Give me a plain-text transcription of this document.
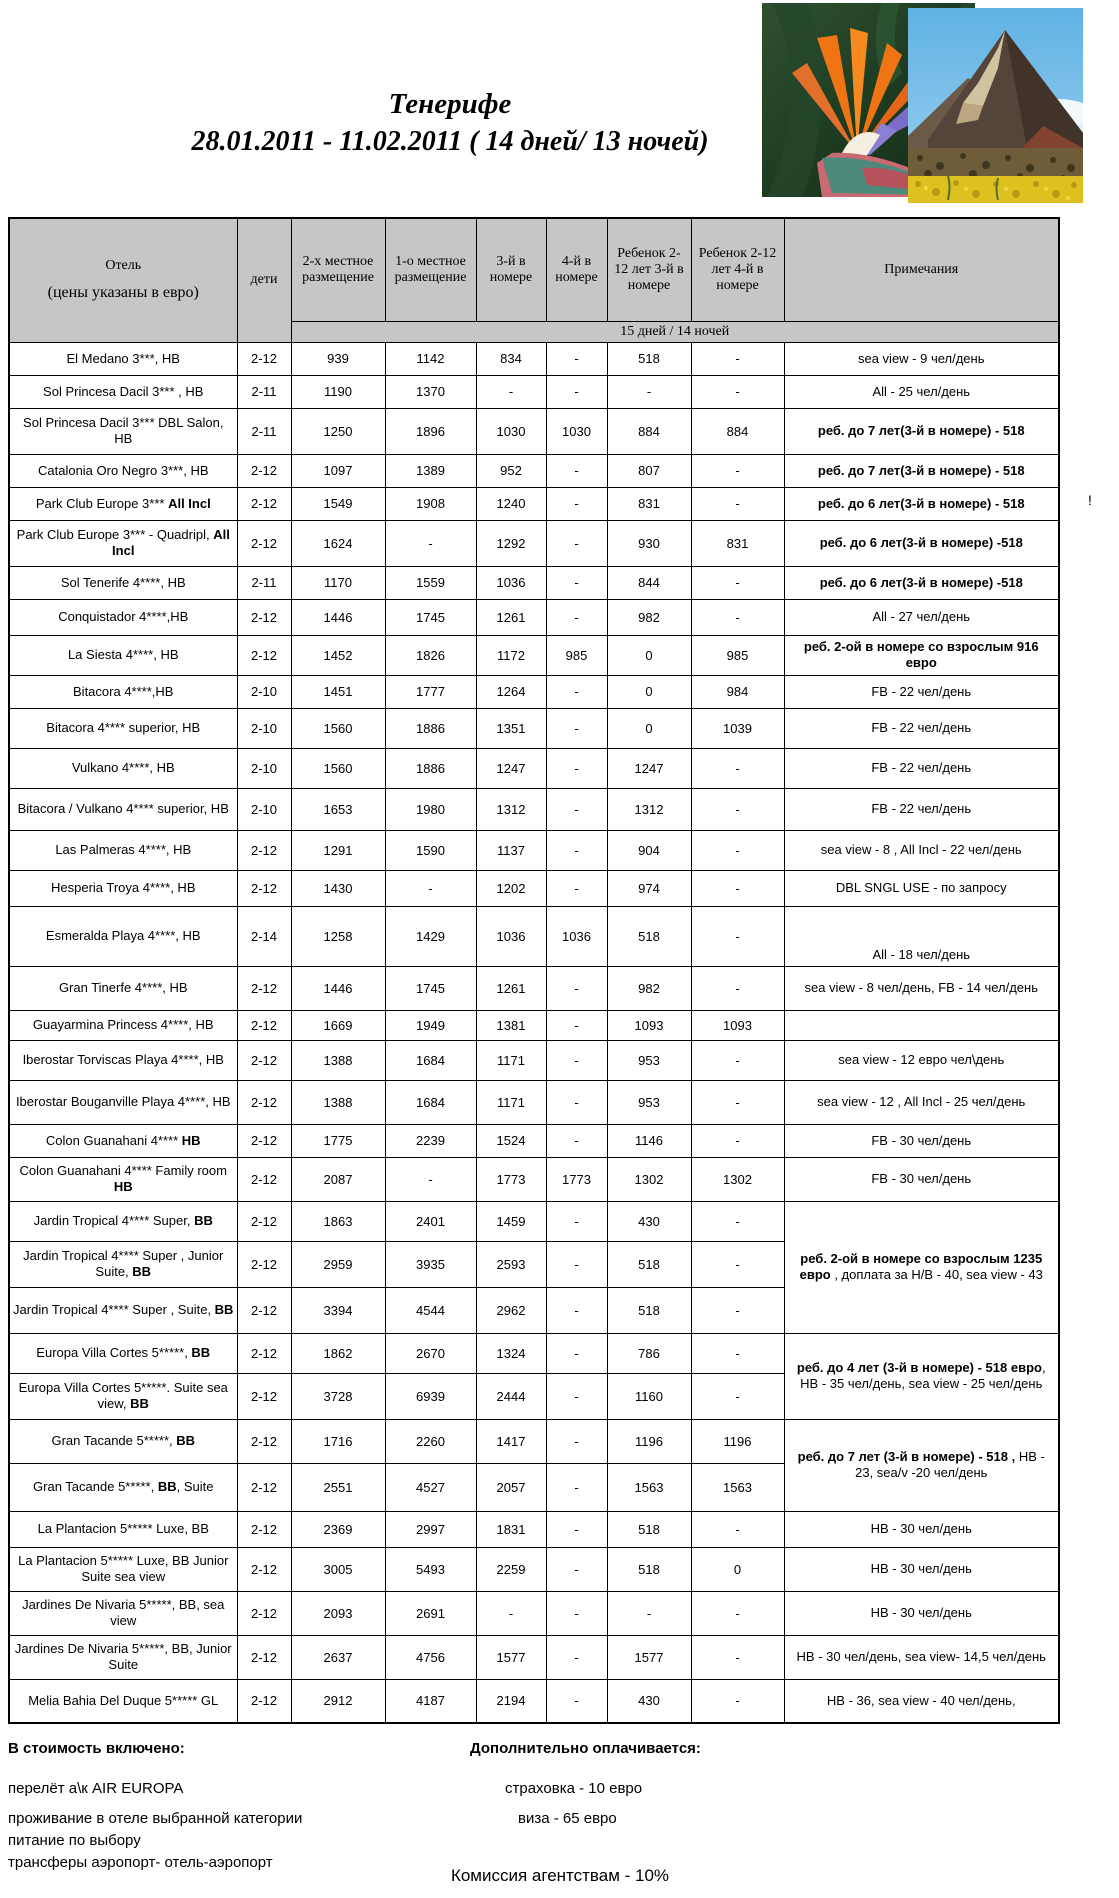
Тенерифе
28.01.2011 - 11.02.2011 ( 14 дней/ 13 ночей)
Отель
(цены указаны в евро)	дети	2-х местное размещение	1-о местное размещение	3-й в номере	4-й в номере	Ребенок 2-12 лет 3-й в номере	Ребенок 2-12 лет 4-й в номере	Примечания
		15 дней / 14 ночей						
El Medano 3***, HB	2-12	939	1142	834	-	518	-	sea view - 9 чел/день
Sol Princesa Dacil 3*** , HB	2-11	1190	1370	-	-	-	-	All - 25 чел/день
Sol Princesa Dacil 3*** DBL Salon, HB	2-11	1250	1896	1030	1030	884	884	реб. до 7 лет(3-й в номере) - 518
Catalonia Oro Negro 3***, HB	2-12	1097	1389	952	-	807	-	реб. до 7 лет(3-й в номере) - 518
Park Club Europe 3*** All Incl	2-12	1549	1908	1240	-	831	-	реб. до 6 лет(3-й в номере) - 518
Park Club Europe 3*** - Quadripl, All Incl	2-12	1624	-	1292	-	930	831	реб. до 6 лет(3-й в номере) -518
Sol Tenerife 4****, HB	2-11	1170	1559	1036	-	844	-	реб. до 6 лет(3-й в номере) -518
Conquistador 4****,HB	2-12	1446	1745	1261	-	982	-	All - 27 чел/день
La Siesta 4****, HB	2-12	1452	1826	1172	985	0	985	реб. 2-ой в номере со взрослым 916 евро
Bitacora 4****,HB	2-10	1451	1777	1264	-	0	984	FB - 22 чел/день
Bitacora 4**** superior, HB	2-10	1560	1886	1351	-	0	1039	FB - 22 чел/день
Vulkano 4****, HB	2-10	1560	1886	1247	-	1247	-	FB - 22 чел/день
Bitacora / Vulkano 4**** superior, HB	2-10	1653	1980	1312	-	1312	-	FB - 22 чел/день
Las Palmeras 4****, HB	2-12	1291	1590	1137	-	904	-	sea view - 8 , All Incl - 22 чел/день
Hesperia Troya 4****, HB	2-12	1430	-	1202	-	974	-	DBL SNGL USE - по запросу
Esmeralda Playa 4****, HB	2-14	1258	1429	1036	1036	518	-	All - 18 чел/день
Gran Tinerfe 4****, HB	2-12	1446	1745	1261	-	982	-	sea view - 8 чел/день, FB - 14 чел/день
Guayarmina Princess 4****, HB	2-12	1669	1949	1381	-	1093	1093	
Iberostar Torviscas Playa 4****, HB	2-12	1388	1684	1171	-	953	-	sea view - 12 евро чел\день
Iberostar Bouganville Playa 4****, HB	2-12	1388	1684	1171	-	953	-	sea view - 12 , All Incl - 25 чел/день
Colon Guanahani 4**** HB	2-12	1775	2239	1524	-	1146	-	FB - 30 чел/день
Colon Guanahani 4**** Family room HB	2-12	2087	-	1773	1773	1302	1302	FB - 30 чел/день
Jardin Tropical 4**** Super, BB	2-12	1863	2401	1459	-	430	-	реб. 2-ой в номере со взрослым 1235 евро , доплата за Н/В - 40, sea view - 43
Jardin Tropical 4**** Super , Junior Suite, BB	2-12	2959	3935	2593	-	518	-	
Jardin Tropical 4**** Super , Suite, BB	2-12	3394	4544	2962	-	518	-	
Europa Villa Cortes 5*****, BB	2-12	1862	2670	1324	-	786	-	реб. до 4 лет (3-й в номере) - 518 евро, HB - 35 чел/день, sea view - 25 чел/день
Europa Villa Cortes 5*****. Suite sea view, BB	2-12	3728	6939	2444	-	1160	-	
Gran Tacande 5*****, BB	2-12	1716	2260	1417	-	1196	1196	реб. до 7 лет (3-й в номере) - 518 , HB - 23, sea/v -20 чел/день
Gran Tacande 5*****, BB, Suite	2-12	2551	4527	2057	-	1563	1563	
La Plantacion 5***** Luxe, BB	2-12	2369	2997	1831	-	518	-	HB - 30 чел/день
La Plantacion 5***** Luxe, BB Junior Suite sea view	2-12	3005	5493	2259	-	518	0	HB - 30 чел/день
Jardines De Nivaria 5*****, BB, sea view	2-12	2093	2691	-	-	-	-	HB - 30 чел/день
Jardines De Nivaria 5*****, BB, Junior Suite	2-12	2637	4756	1577	-	1577	-	HB - 30 чел/день, sea view- 14,5 чел/день
Melia Bahia Del Duque 5***** GL	2-12	2912	4187	2194	-	430	-	HB - 36, sea view - 40 чел/день,
!
В стоимость включено:
перелёт а\к AIR EUROPA
проживание в отеле выбранной категории
питание по выбору
трансферы аэропорт- отель-аэропорт
Дополнительно оплачивается:
страховка - 10 евро
виза - 65 евро
Комиссия агентствам - 10%
